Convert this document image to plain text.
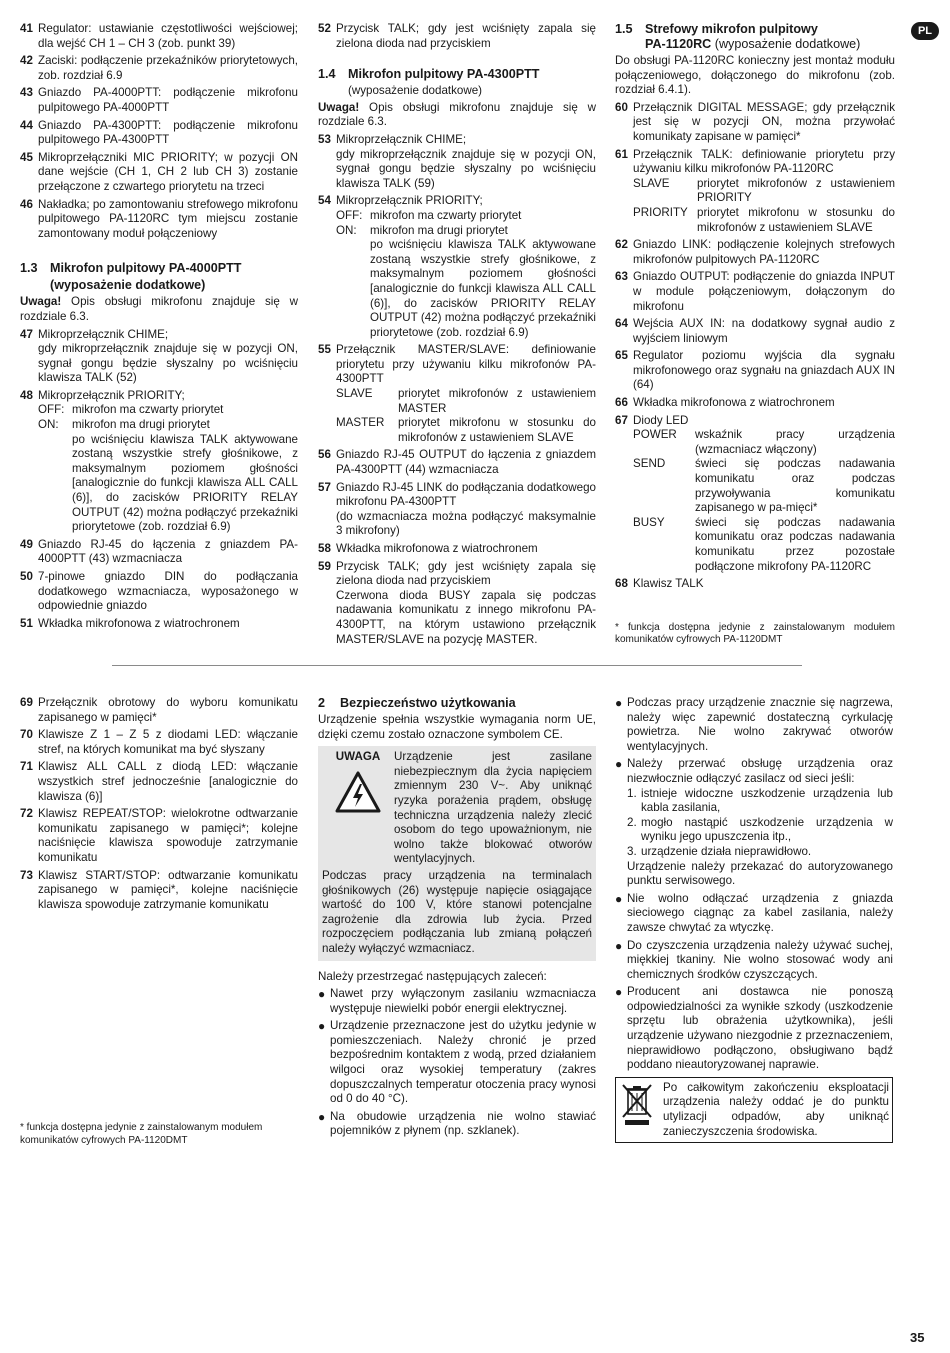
PL
41 Regulator: ustawianie częstotliwości wejściowej; dla wejść CH 1 – CH 3 (zob. punkt 39)
42 Zaciski: podłączenie przekaźników priorytetowych, zob. rozdział 6.9
43 Gniazdo PA-4000PTT: podłączenie mikrofonu pulpitowego PA-4000PTT
44 Gniazdo PA-4300PTT: podłączenie mikrofonu pulpitowego PA-4300PTT
45 Mikroprzełączniki MIC PRIORITY; w pozycji ON dane wejście (CH 1, CH 2 lub CH 3) zostanie przełączone z czwartego priorytetu na trzeci
46 Nakładka; po zamontowaniu strefowego mikrofonu pulpitowego PA-1120RC tym miejscu zostanie zamontowany moduł połączeniowy
1.3 Mikrofon pulpitowy PA-4000PTT
(wyposażenie dodatkowe)
Uwaga! Opis obsługi mikrofonu znajduje się w rozdziale 6.3.
47 Mikroprzełącznik CHIME;
gdy mikroprzełącznik znajduje się w pozycji ON, sygnał gongu będzie słyszalny po wciśnięciu klawisza TALK (52)
48 Mikroprzełącznik PRIORITY;
OFF: mikrofon ma czwarty priorytet
ON:	mikrofon ma drugi priorytet
po wciśnięciu klawisza TALK aktywowane zostaną wszystkie strefy głośnikowe, z maksymalnym poziomem głośności [analogicznie do funkcji klawisza ALL CALL (6)], do zacisków PRIORITY RELAY OUTPUT (42) można podłączyć przekaźniki priorytetowe (zob. rozdział 6.9)
49 Gniazdo RJ-45 do łączenia z gniazdem PA-4000PTT (43) wzmacniacza
50 7-pinowe gniazdo DIN do podłączania dodatkowego wzmacniacza, wyposażonego w odpowiednie gniazdo
51 Wkładka mikrofonowa z wiatrochronem
52 Przycisk TALK; gdy jest wciśnięty zapala się zielona dioda nad przyciskiem
1.4 Mikrofon pulpitowy PA-4300PTT
(wyposażenie dodatkowe)
Uwaga! Opis obsługi mikrofonu znajduje się w rozdziale 6.3.
53 Mikroprzełącznik CHIME;
gdy mikroprzełącznik znajduje się w pozycji ON, sygnał gongu będzie słyszalny po wciśnięciu klawisza TALK (59)
54 Mikroprzełącznik PRIORITY;
OFF: mikrofon ma czwarty priorytet
ON:	mikrofon ma drugi priorytet
po wciśnięciu klawisza TALK aktywowane zostaną wszystkie strefy głośnikowe, z maksymalnym poziomem głośności [analogicznie do funkcji klawisza ALL CALL (6)], do zacisków PRIORITY RELAY OUTPUT (42) można podłączyć przekaźniki priorytetowe (zob. rozdział 6.9)
55 Przełącznik MASTER/SLAVE: definiowanie priorytetu przy używaniu kilku mikrofonów PA-4300PTT
SLAVE	priorytet mikrofonów z ustawieniem MASTER
MASTER	priorytet mikrofonu w stosunku do mikrofonów z ustawieniem SLAVE
56 Gniazdo RJ-45 OUTPUT do łączenia z gniazdem PA-4300PTT (44) wzmacniacza
57 Gniazdo RJ-45 LINK do podłączania dodatkowego mikrofonu PA-4300PTT
(do wzmacniacza można podłączyć maksymalnie 3 mikrofony)
58 Wkładka mikrofonowa z wiatrochronem
59 Przycisk TALK; gdy jest wciśnięty zapala się zielona dioda nad przyciskiem
Czerwona dioda BUSY zapala się podczas nadawania komunikatu z innego mikrofonu PA-4300PTT, na którym ustawiono przełącznik MASTER/SLAVE na pozycję MASTER.
1.5 Strefowy mikrofon pulpitowy
PA-1120RC (wyposażenie dodatkowe)
Do obsługi PA-1120RC konieczny jest montaż modułu połączeniowego, dołączonego do mikrofonu (zob. rozdział 6.4.1).
60 Przełącznik DIGITAL MESSAGE; gdy przełącznik jest się w pozycji ON, można przywołać komunikaty zapisane w pamięci*
61 Przełącznik TALK: definiowanie priorytetu przy używaniu kilku mikrofonów PA-1120RC
SLAVE	priorytet mikrofonów z ustawieniem PRIORITY
PRIORITY priorytet mikrofonu w stosunku do mikrofonów z ustawieniem SLAVE
62 Gniazdo LINK: podłączenie kolejnych strefowych mikrofonów pulpitowych PA-1120RC
63 Gniazdo OUTPUT: podłączenie do gniazda INPUT w module połączeniowym, dołączonym do mikrofonu
64 Wejścia AUX IN: na dodatkowy sygnał audio z wyjściem liniowym
65 Regulator poziomu wyjścia dla sygnału mikrofonowego oraz sygnału na gniazdach AUX IN (64)
66 Wkładka mikrofonowa z wiatrochronem
67 Diody LED
POWER	wskaźnik pracy urządzenia (wzmacniacz włączony)
SEND	świeci się podczas nadawania komunikatu oraz podczas przywoływania komunikatu zapisanego w pa-mięci*
BUSY	świeci się podczas nadawania komunikatu oraz podczas nadawania komunikatu przez pozostałe podłączone mikrofony PA-1120RC
68 Klawisz TALK
* funkcja dostępna jedynie z zainstalowanym modułem komunikatów cyfrowych PA-1120DMT
69 Przełącznik obrotowy do wyboru komunikatu zapisanego w pamięci*
70 Klawisze Z 1 – Z 5 z diodami LED: włączanie stref, na których komunikat ma być słyszany
71 Klawisz ALL CALL z diodą LED: włączanie wszystkich stref jednocześnie [analogicznie do klawisza (6)]
72 Klawisz REPEAT/STOP: wielokrotne odtwarzanie komunikatu zapisanego w pamięci*; kolejne naciśnięcie klawisza spowoduje zatrzymanie komunikatu
73 Klawisz START/STOP: odtwarzanie komunikatu zapisanego w pamięci*, kolejne naciśnięcie klawisza spowoduje zatrzymanie komunikatu
* funkcja dostępna jedynie z zainstalowanym modułem komunikatów cyfrowych PA-1120DMT
2	Bezpieczeństwo użytkowania
Urządzenie spełnia wszystkie wymagania norm UE, dzięki czemu zostało oznaczone symbolem CE.
UWAGA	Urządzenie jest zasilane niebezpiecznym dla życia napięciem zmiennym 230 V~. Aby uniknąć ryzyka porażenia prądem, obsługę techniczna urządzenia należy zlecić osobom do tego upoważnionym, nie wolno także blokować otworów wentylacyjnych.
Podczas pracy urządzenia na terminalach głośnikowych (26) występuje napięcie osiągające wartość do 100 V, które stanowi potencjalne zagrożenie dla zdrowia lub życia. Przed rozpoczęciem podłączania lub zmianą połączeń należy wyłączyć wzmacniacz.
Należy przestrzegać następujących zaleceń:
● Nawet przy wyłączonym zasilaniu wzmacniacza występuje niewielki pobór energii elektrycznej.
● Urządzenie przeznaczone jest do użytku jedynie w pomieszczeniach. Należy chronić je przed bezpośrednim kontaktem z wodą, przed działaniem wilgoci oraz wysokiej temperatury (zakres dopuszczalnych temperatur otoczenia pracy wynosi od 0 do 40 °C).
● Na obudowie urządzenia nie wolno stawiać pojemników z płynem (np. szklanek).
● Podczas pracy urządzenie znacznie się nagrzewa, należy więc zapewnić dostateczną cyrkulację powietrza. Nie wolno zakrywać otworów wentylacyjnych.
● Należy przerwać obsługę urządzenia oraz niezwłocznie odłączyć zasilacz od sieci jeśli:
1. istnieje widoczne uszkodzenie urządzenia lub kabla zasilania,
2. mogło nastąpić uszkodzenie urządzenia w wyniku jego upuszczenia itp.,
3. urządzenie działa nieprawidłowo.
Urządzenie należy przekazać do autoryzowanego punktu serwisowego.
● Nie wolno odłączać urządzenia z gniazda sieciowego ciągnąc za kabel zasilania, należy zawsze chwytać za wtyczkę.
● Do czyszczenia urządzenia należy używać suchej, miękkiej tkaniny. Nie wolno stosować wody ani chemicznych środków czyszczących.
● Producent ani dostawca nie ponoszą odpowiedzialności za wynikłe szkody (uszkodzenie sprzętu lub obrażenia użytkownika), jeśli urządzenie używano niezgodnie z przeznaczeniem, nieprawidłowo podłączono, obsługiwano bądź poddano nieautoryzowanej naprawie.
Po całkowitym zakończeniu eksploatacji urządzenia należy oddać je do punktu utylizacji odpadów, aby uniknąć zanieczyszczenia środowiska.
35
